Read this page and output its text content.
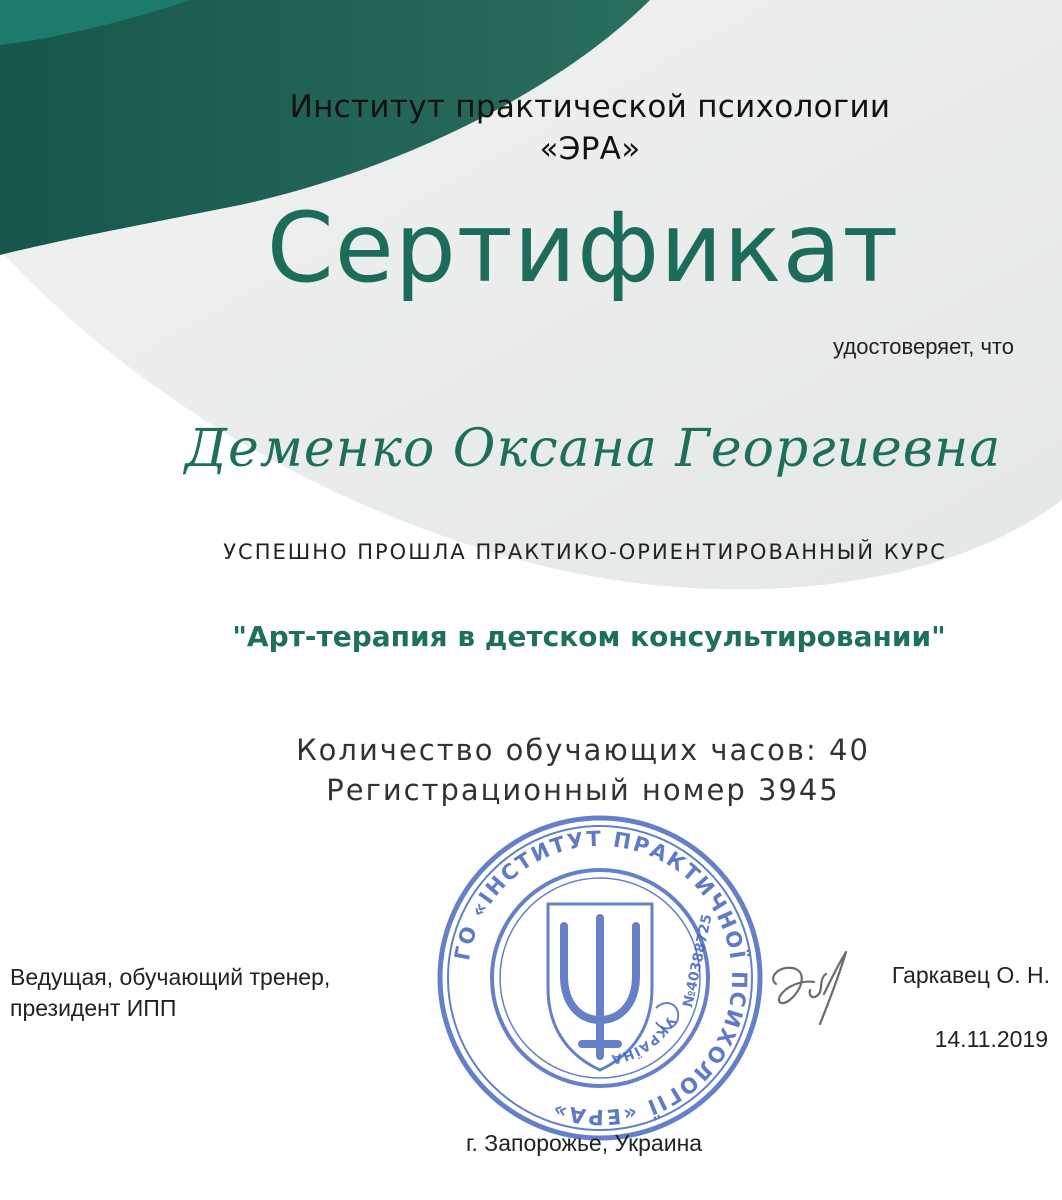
Институт практической психологии
«ЭРА»
Сертификат
удостоверяет, что
Деменко Оксана Георгиевна
УСПЕШНО ПРОШЛА ПРАКТИКО-ОРИЕНТИРОВАННЫЙ КУРС
"Арт-терапия в детском консультировании"
Количество обучающих часов: 40
Регистрационный номер 3945
Ведущая, обучающий тренер,
президент ИПП
ГО «ІНСТИТУТ ПРАКТИЧНОЇ ПСИХОЛОГІЇ «ЕРА»
УКРАЇНА
№40388725	Гаркавец О. Н.
14.11.2019
г. Запорожье, Украина
